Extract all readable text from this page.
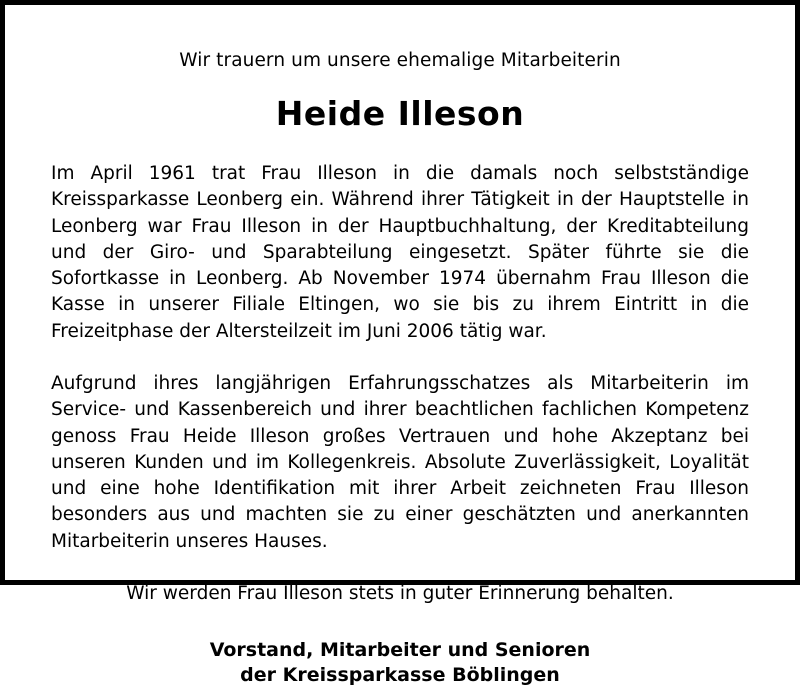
Wir trauern um unsere ehemalige Mitarbeiterin
Heide Illeson
Im April 1961 trat Frau Illeson in die damals noch selbstständige Kreissparkasse Leonberg ein. Während ihrer Tätigkeit in der Hauptstelle in Leonberg war Frau Illeson in der Hauptbuchhaltung, der Kreditabteilung und der Giro- und Sparabteilung eingesetzt. Später führte sie die Sofortkasse in Leonberg. Ab November 1974 übernahm Frau Illeson die Kasse in unserer Filiale Eltingen, wo sie bis zu ihrem Eintritt in die Freizeitphase der Altersteilzeit im Juni 2006 tätig war.
Aufgrund ihres langjährigen Erfahrungsschatzes als Mitarbeiterin im Service- und Kassenbereich und ihrer beachtlichen fachlichen Kompetenz genoss Frau Heide Illeson großes Vertrauen und hohe Akzeptanz bei unseren Kunden und im Kollegenkreis. Absolute Zuverlässigkeit, Loyalität und eine hohe Identifikation mit ihrer Arbeit zeichneten Frau Illeson besonders aus und machten sie zu einer geschätzten und anerkannten Mitarbeiterin unseres Hauses.
Wir werden Frau Illeson stets in guter Erinnerung behalten.
Vorstand, Mitarbeiter und Senioren
der Kreissparkasse Böblingen
